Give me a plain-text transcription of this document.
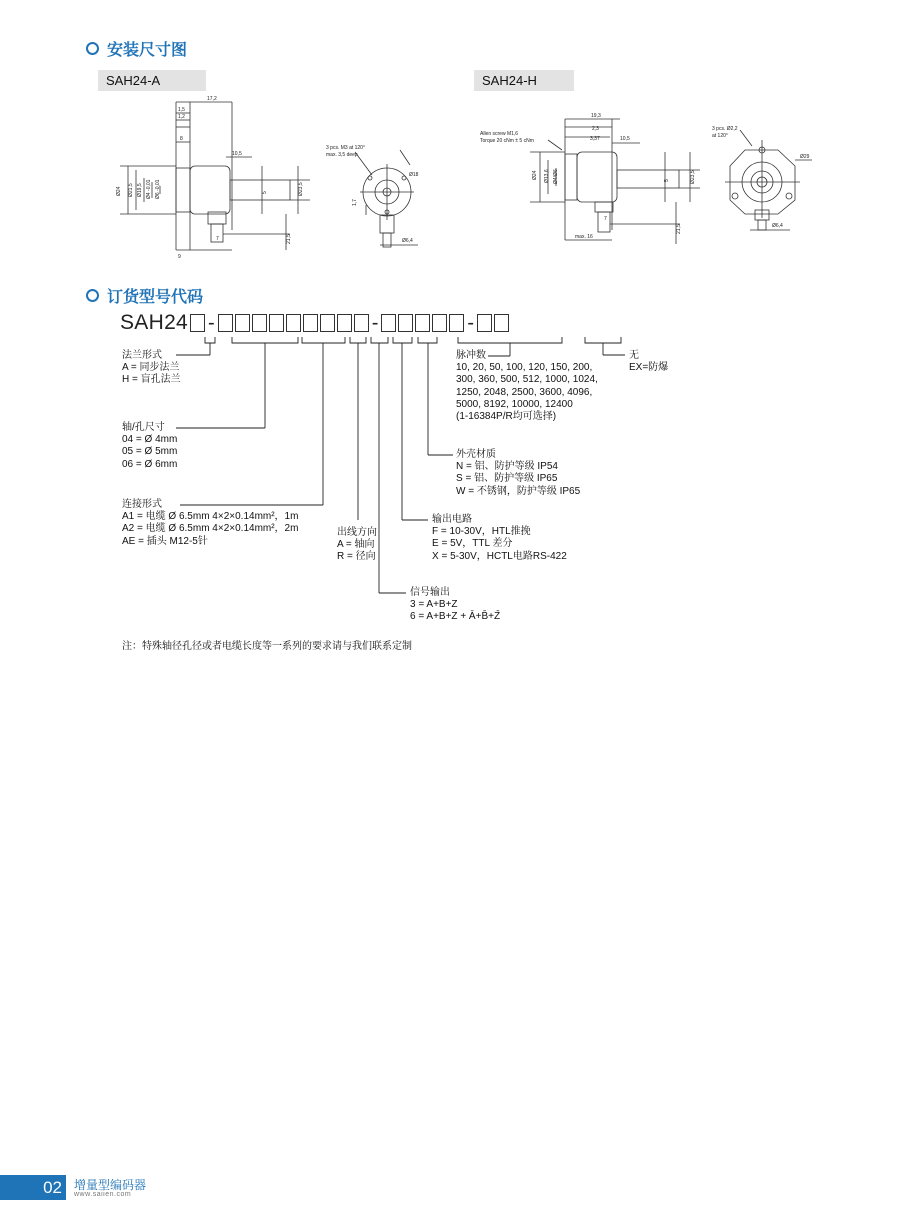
安装尺寸图
SAH24-A	SAH24-H
17,2
1,5
1,2
8
10,5
Ø24 Ø21,5 Ø19,5 Ø4 -0,01 Ø6 -0,01	5	Ø23,5
7
9
21,5
1,7
Ø18
Ø6,4
3 pcs. M3 at 120°
max. 3,5 deep
19,3
2,3
3,37	10,5
Ø24 Ø13,6 Ø4/Ø6	5	Ø23,5
max. 16
7
21,5
Ø29
Ø6,4
Allen screw M1,6
Torque 20 cNm ± 5 cNm
3 pcs. Ø2,2
at 120°
订货型号代码
SAH24 -	-	-
法兰形式
A = 同步法兰
H = 盲孔法兰
轴/孔尺寸
04 = Ø 4mm
05 = Ø 5mm
06 = Ø 6mm
连接形式
A1 = 电缆 Ø 6.5mm 4×2×0.14mm²，1m
A2 = 电缆 Ø 6.5mm 4×2×0.14mm²，2m
AE = 插头 M12-5针
出线方向
A = 轴向
R = 径向
信号输出
3 = A+B+Z
6 = A+B+Z + Ā+B̄+Z̄
输出电路
F = 10-30V，HTL推挽
E = 5V，TTL 差分
X = 5-30V，HCTL电路RS-422
外壳材质
N = 铝、防护等级 IP54
S = 铝、防护等级 IP65
W = 不锈钢，防护等级 IP65
脉冲数
10, 20, 50, 100, 120, 150, 200,
300, 360, 500, 512, 1000, 1024,
1250, 2048, 2500, 3600, 4096,
5000, 8192, 10000, 12400
(1-16384P/R均可选择)
无
EX=防爆
注：特殊轴径孔径或者电缆长度等一系列的要求请与我们联系定制
02	增量型编码器
www.saiien.com
